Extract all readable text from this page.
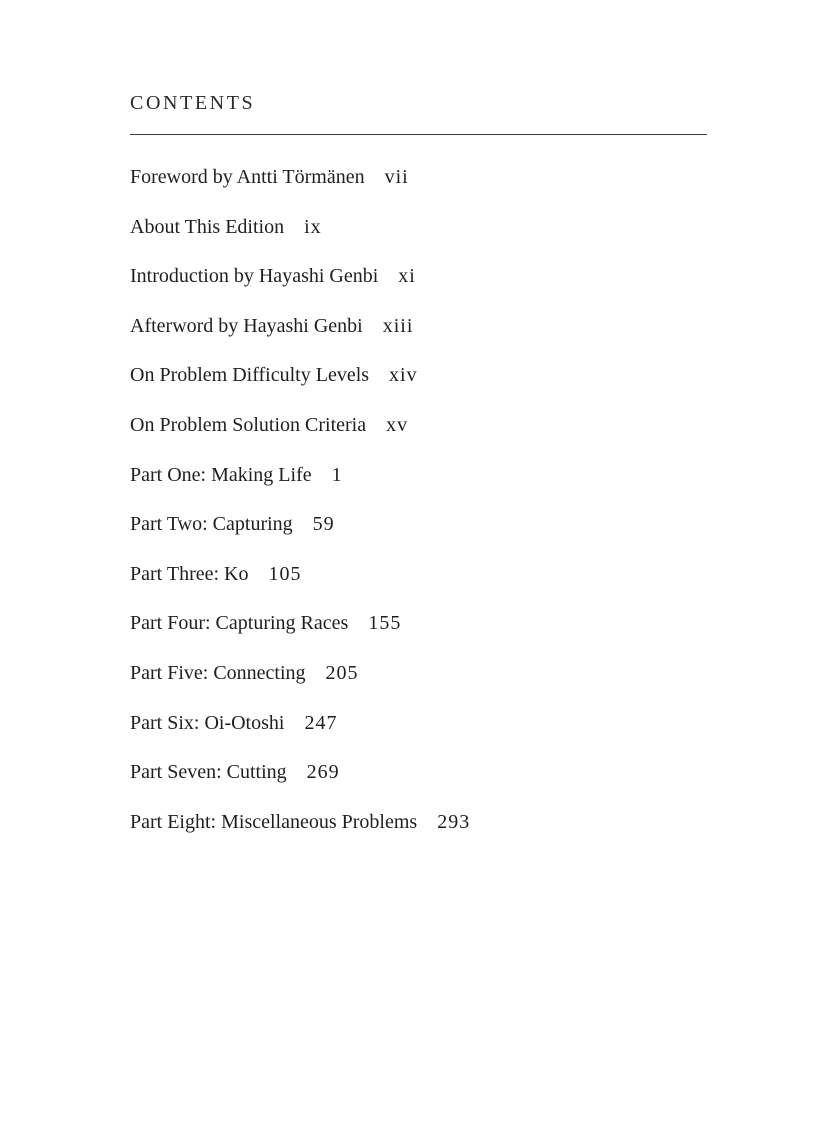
CONTENTS
Foreword by Antti Törmänen vii
About This Edition ix
Introduction by Hayashi Genbi xi
Afterword by Hayashi Genbi xiii
On Problem Difficulty Levels xiv
On Problem Solution Criteria xv
Part One: Making Life 1
Part Two: Capturing 59
Part Three: Ko 105
Part Four: Capturing Races 155
Part Five: Connecting 205
Part Six: Oi-Otoshi 247
Part Seven: Cutting 269
Part Eight: Miscellaneous Problems 293
